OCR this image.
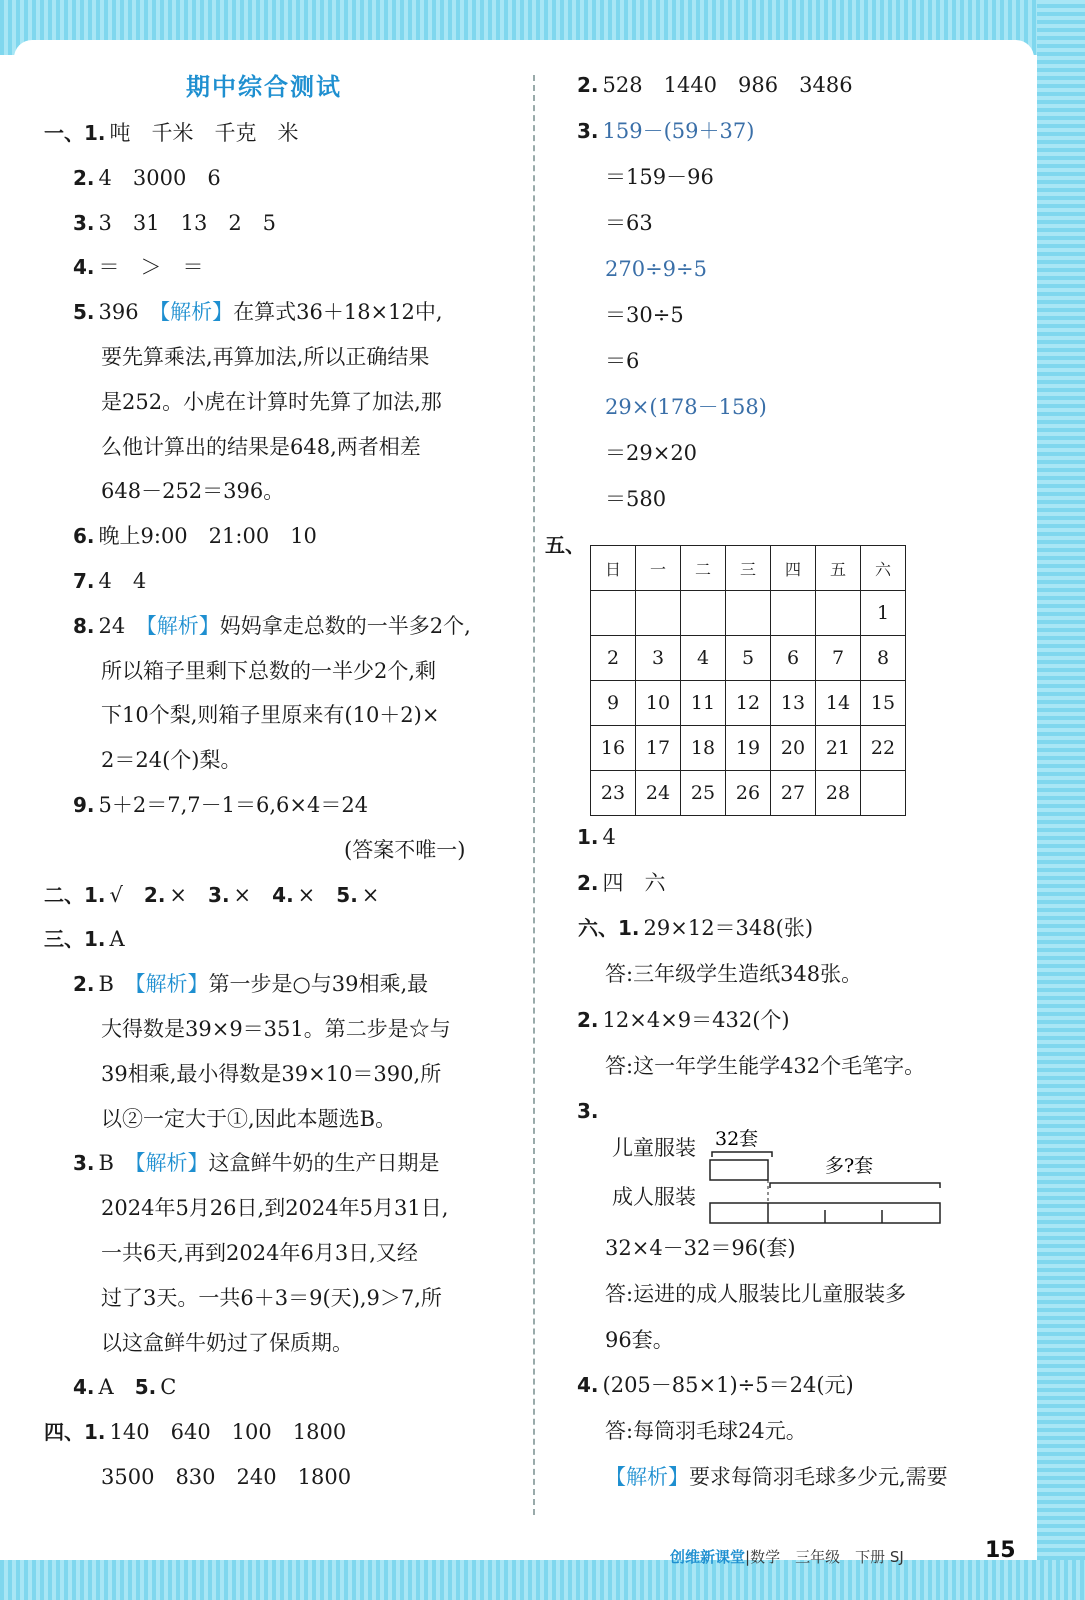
期中综合测试
一、1. 吨　千米　千克　米
2. 4　3000　6
3. 3　31　13　2　5
4. ＝　＞　＝
5. 396　【解析】在算式36＋18×12中,
要先算乘法,再算加法,所以正确结果
是252。小虎在计算时先算了加法,那
么他计算出的结果是648,两者相差
648－252＝396。
6. 晚上9:00　21:00　10
7. 4　4
8. 24　【解析】妈妈拿走总数的一半多2个,
所以箱子里剩下总数的一半少2个,剩
下10个梨,则箱子里原来有(10＋2)×
2＝24(个)梨。
9. 5＋2＝7,7－1＝6,6×4＝24
(答案不唯一)
二、1. √　2. ×　3. ×　4. ×　5. ×
三、1. A
2. B　【解析】第一步是○与39相乘,最
大得数是39×9＝351。第二步是☆与
39相乘,最小得数是39×10＝390,所
以②一定大于①,因此本题选B。
3. B　【解析】这盒鲜牛奶的生产日期是
2024年5月26日,到2024年5月31日,
一共6天,再到2024年6月3日,又经
过了3天。一共6＋3＝9(天),9＞7,所
以这盒鲜牛奶过了保质期。
4. A　5. C
四、1. 140　640　100　1800
3500　830　240　1800
2. 528　1440　986　3486
3. 159－(59＋37)
＝159－96
＝63
270÷9÷5
＝30÷5
＝6
29×(178－158)
＝29×20
＝580
1. 4
2. 四　六
六、1. 29×12＝348(张)
答:三年级学生造纸348张。
2. 12×4×9＝432(个)
答:这一年学生能学432个毛笔字。
3.
32×4－32＝96(套)
答:运进的成人服装比儿童服装多
96套。
4. (205－85×1)÷5＝24(元)
答:每筒羽毛球24元。
【解析】要求每筒羽毛球多少元,需要
五、
日	一	二	三	四	五	六
						1
2	3	4	5	6	7	8
9	10	11	12	13	14	15
16	17	18	19	20	21	22
23	24	25	26	27	28	
32套
多?套
儿童服装
成人服装
创维新课堂|数学　三年级　下册 SJ	15
